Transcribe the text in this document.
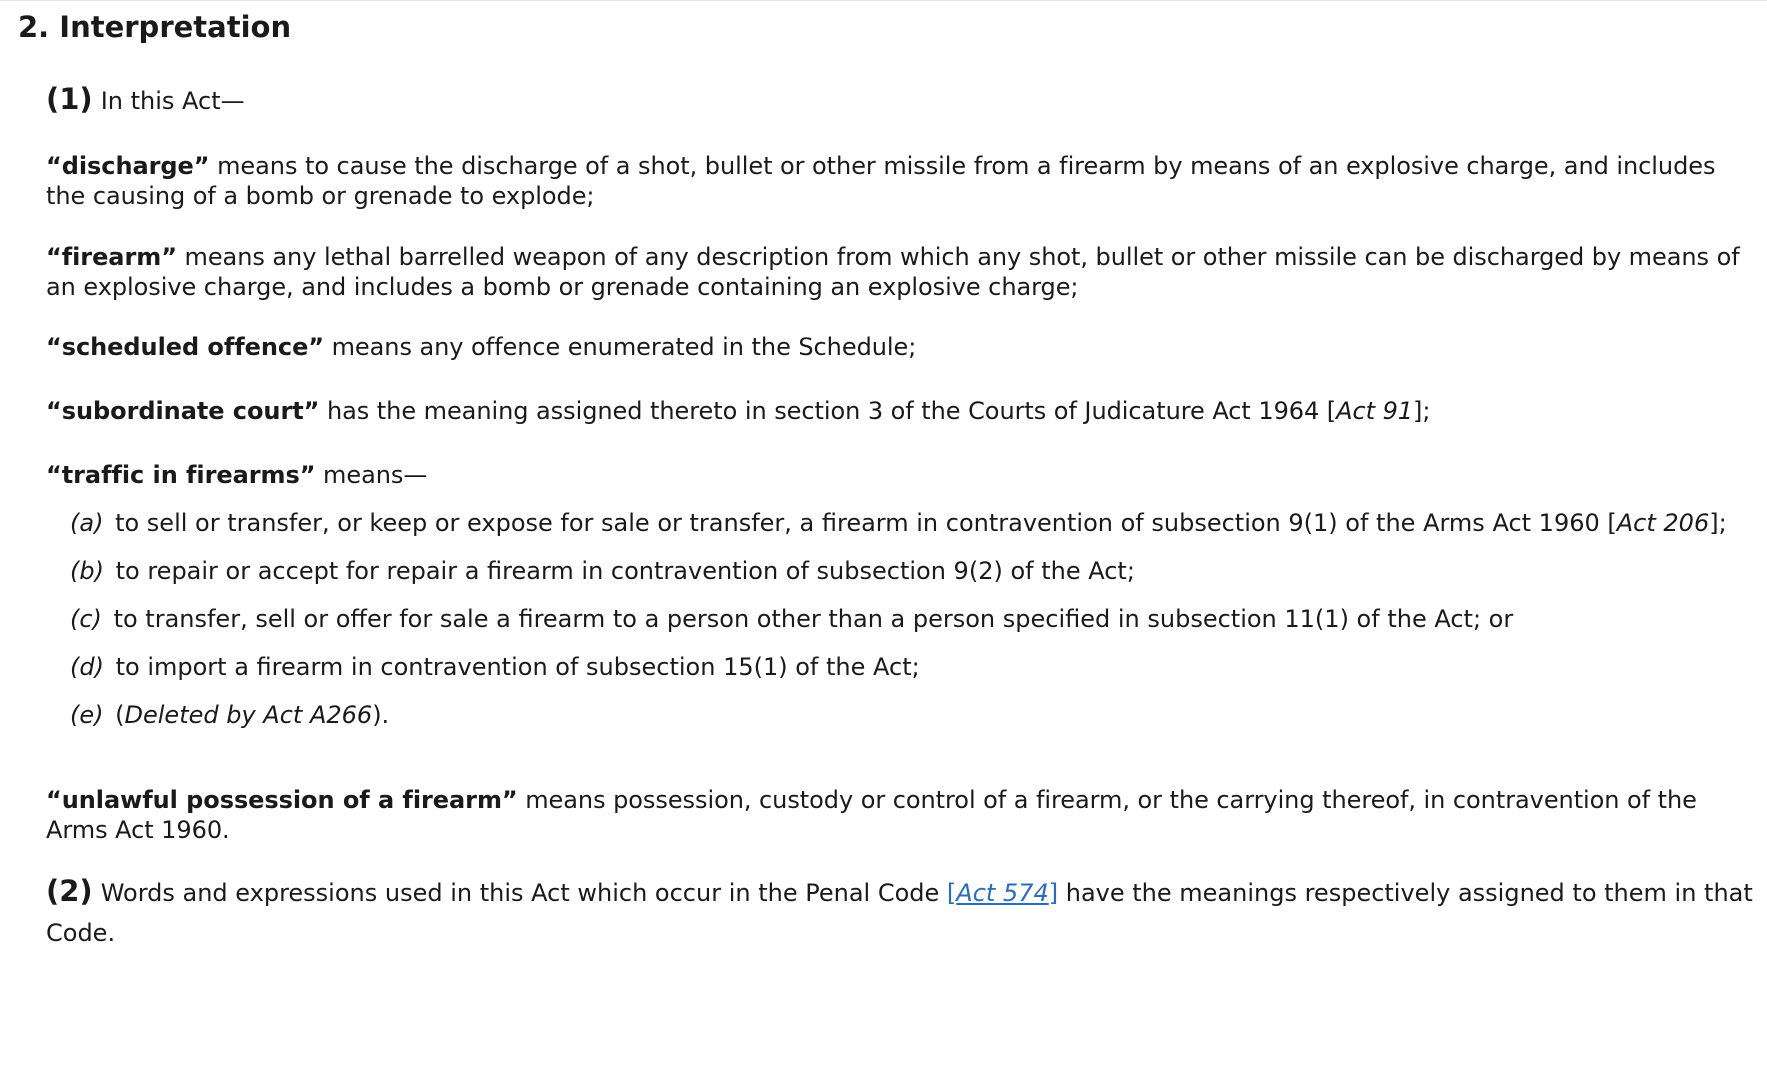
2. Interpretation
(1) In this Act—

“discharge” means to cause the discharge of a shot, bullet or other missile from a firearm by means of an explosive charge, and includes the causing of a bomb or grenade to explode;

“firearm” means any lethal barrelled weapon of any description from which any shot, bullet or other missile can be discharged by means of an explosive charge, and includes a bomb or grenade containing an explosive charge;

“scheduled offence” means any offence enumerated in the Schedule;

“subordinate court” has the meaning assigned thereto in section 3 of the Courts of Judicature Act 1964 [Act 91];

“traffic in firearms” means—

(a) to sell or transfer, or keep or expose for sale or transfer, a firearm in contravention of subsection 9(1) of the Arms Act 1960 [Act 206];
(b) to repair or accept for repair a firearm in contravention of subsection 9(2) of the Act;
(c) to transfer, sell or offer for sale a firearm to a person other than a person specified in subsection 11(1) of the Act; or
(d) to import a firearm in contravention of subsection 15(1) of the Act;
(e) (Deleted by Act A266).

“unlawful possession of a firearm” means possession, custody or control of a firearm, or the carrying thereof, in contravention of the Arms Act 1960.

(2) Words and expressions used in this Act which occur in the Penal Code [Act 574] have the meanings respectively assigned to them in that Code.
